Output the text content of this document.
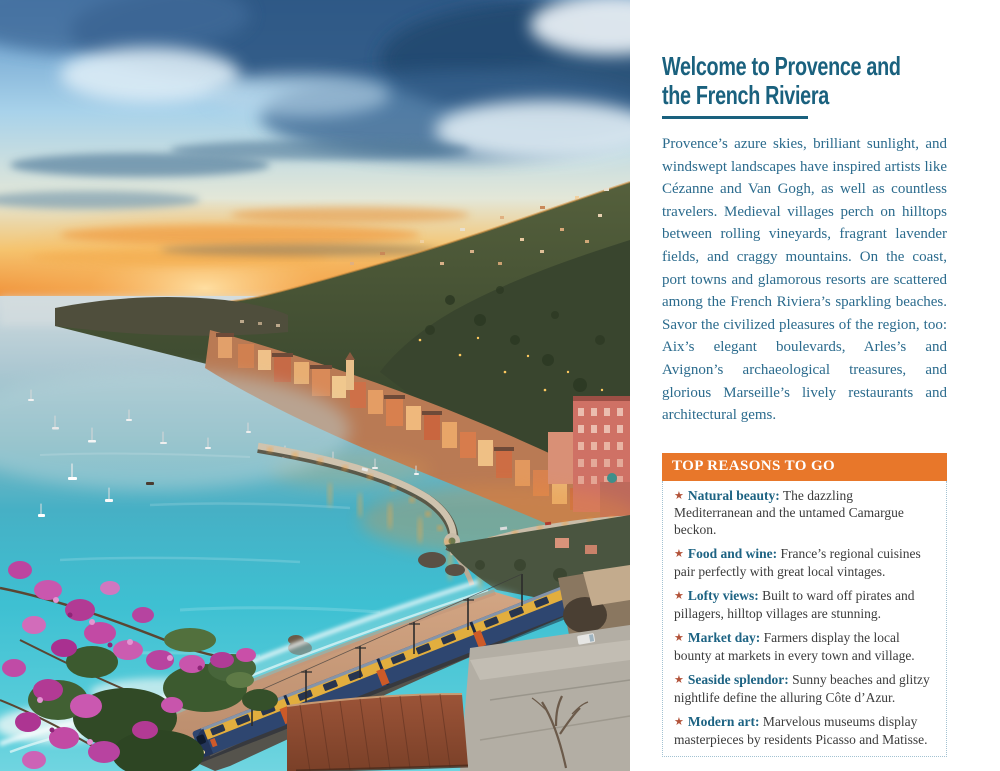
Welcome to Provence and
the French Riviera

Provence’s azure skies, brilliant sunlight, and windswept landscapes have inspired artists like Cézanne and Van Gogh, as well as countless travelers. Medieval villages perch on hilltops between rolling vineyards, fragrant lavender fields, and craggy mountains. On the coast, port towns and glamorous resorts are scattered among the French Riviera’s sparkling beaches. Savor the civilized pleasures of the region, too: Aix’s elegant boulevards, Arles’s and Avignon’s archaeological treasures, and glorious Marseille’s lively restaurants and architectural gems.

TOP REASONS TO GO
★ Natural beauty: The dazzling Mediterranean and the untamed Camargue beckon.
★ Food and wine: France’s regional cuisines pair perfectly with great local vintages.
★ Lofty views: Built to ward off pirates and pillagers, hilltop villages are stunning.
★ Market day: Farmers display the local bounty at markets in every town and village.
★ Seaside splendor: Sunny beaches and glitzy nightlife define the alluring Côte d’Azur.
★ Modern art: Marvelous museums display masterpieces by residents Picasso and Matisse.
